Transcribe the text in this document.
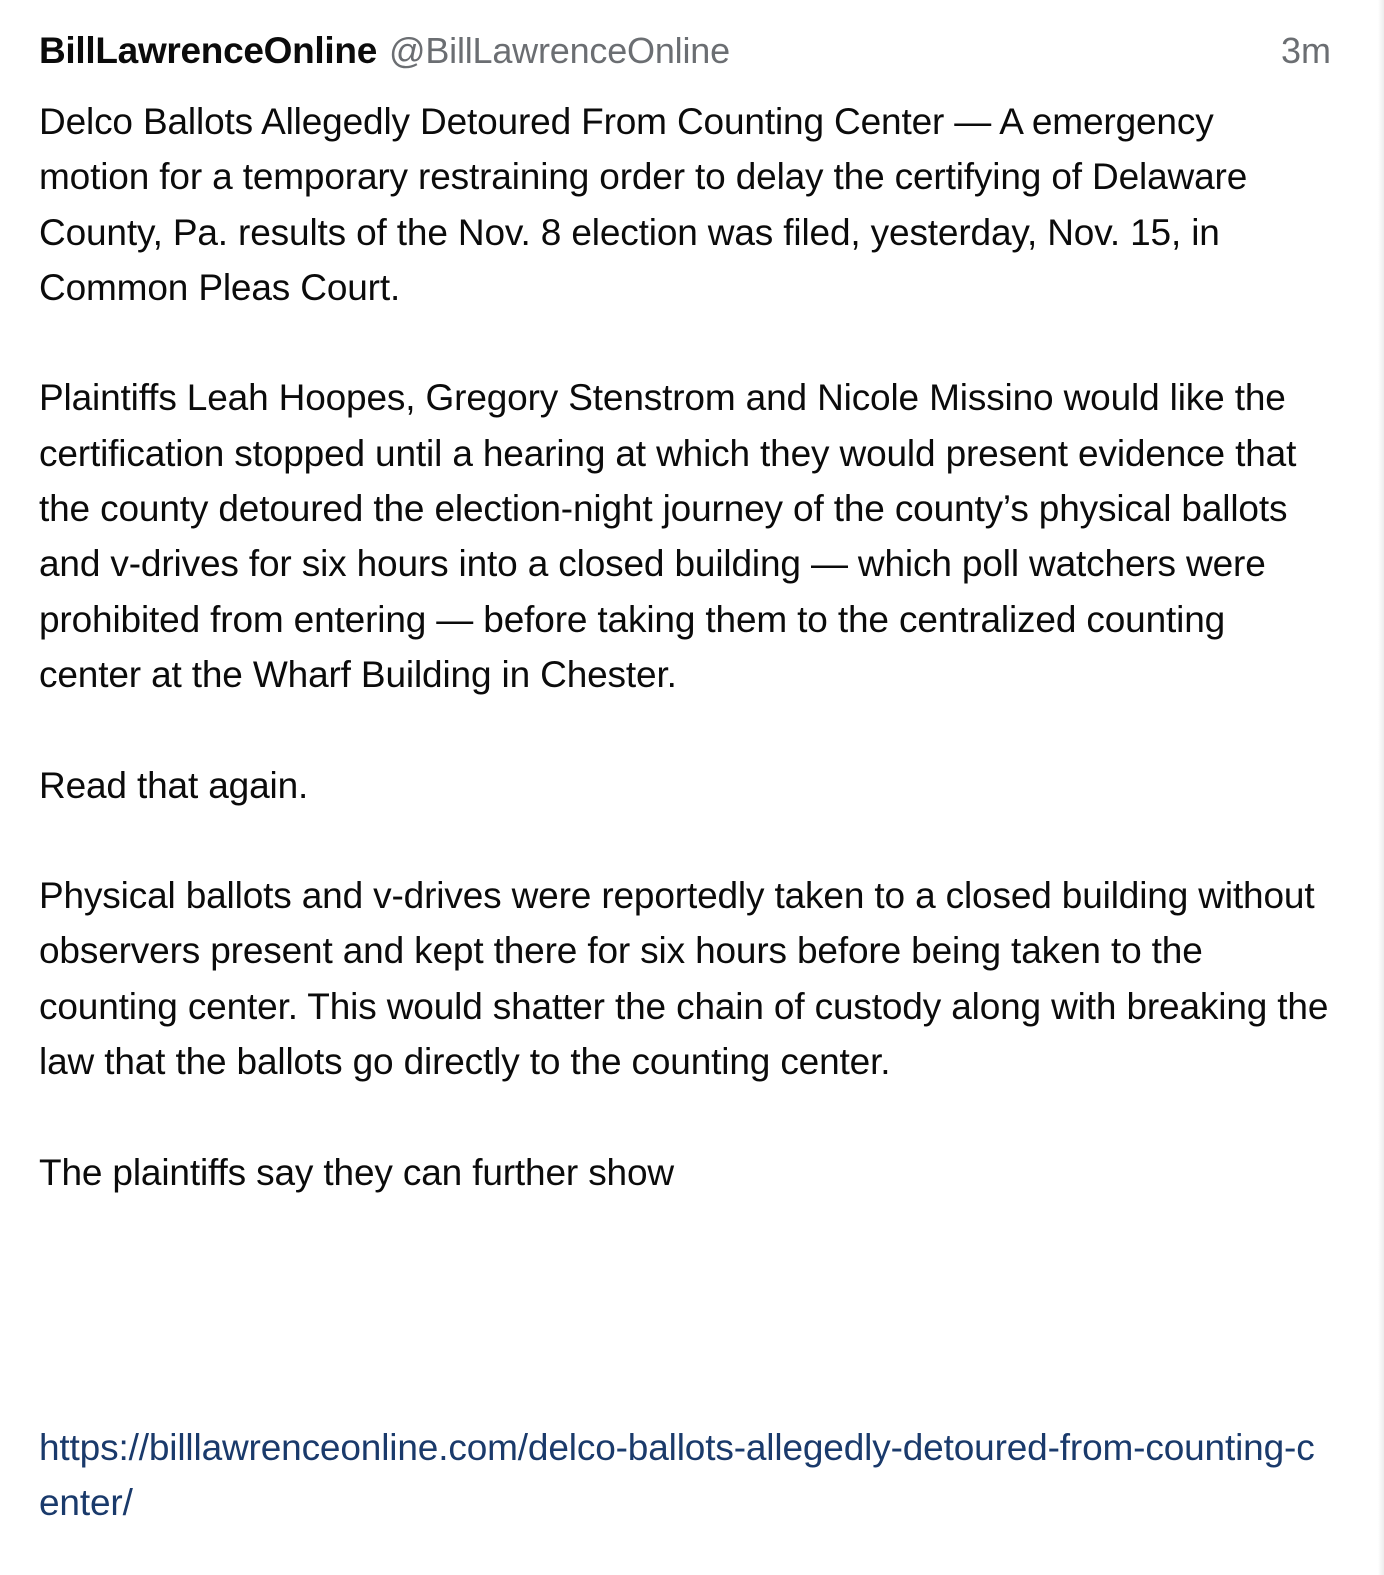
BillLawrenceOnline @BillLawrenceOnline	3m

Delco Ballots Allegedly Detoured From Counting Center — A emergency motion for a temporary restraining order to delay the certifying of Delaware County, Pa. results of the Nov. 8 election was filed, yesterday, Nov. 15, in Common Pleas Court.

Plaintiffs Leah Hoopes, Gregory Stenstrom and Nicole Missino would like the certification stopped until a hearing at which they would present evidence that the county detoured the election-night journey of the county’s physical ballots and v-drives for six hours into a closed building — which poll watchers were prohibited from entering — before taking them to the centralized counting center at the Wharf Building in Chester.

Read that again.

Physical ballots and v-drives were reportedly taken to a closed building without observers present and kept there for six hours before being taken to the counting center. This would shatter the chain of custody along with breaking the law that the ballots go directly to the counting center.

The plaintiffs say they can further show

https://billlawrenceonline.com/delco-ballots-allegedly-detoured-from-counting-center/
